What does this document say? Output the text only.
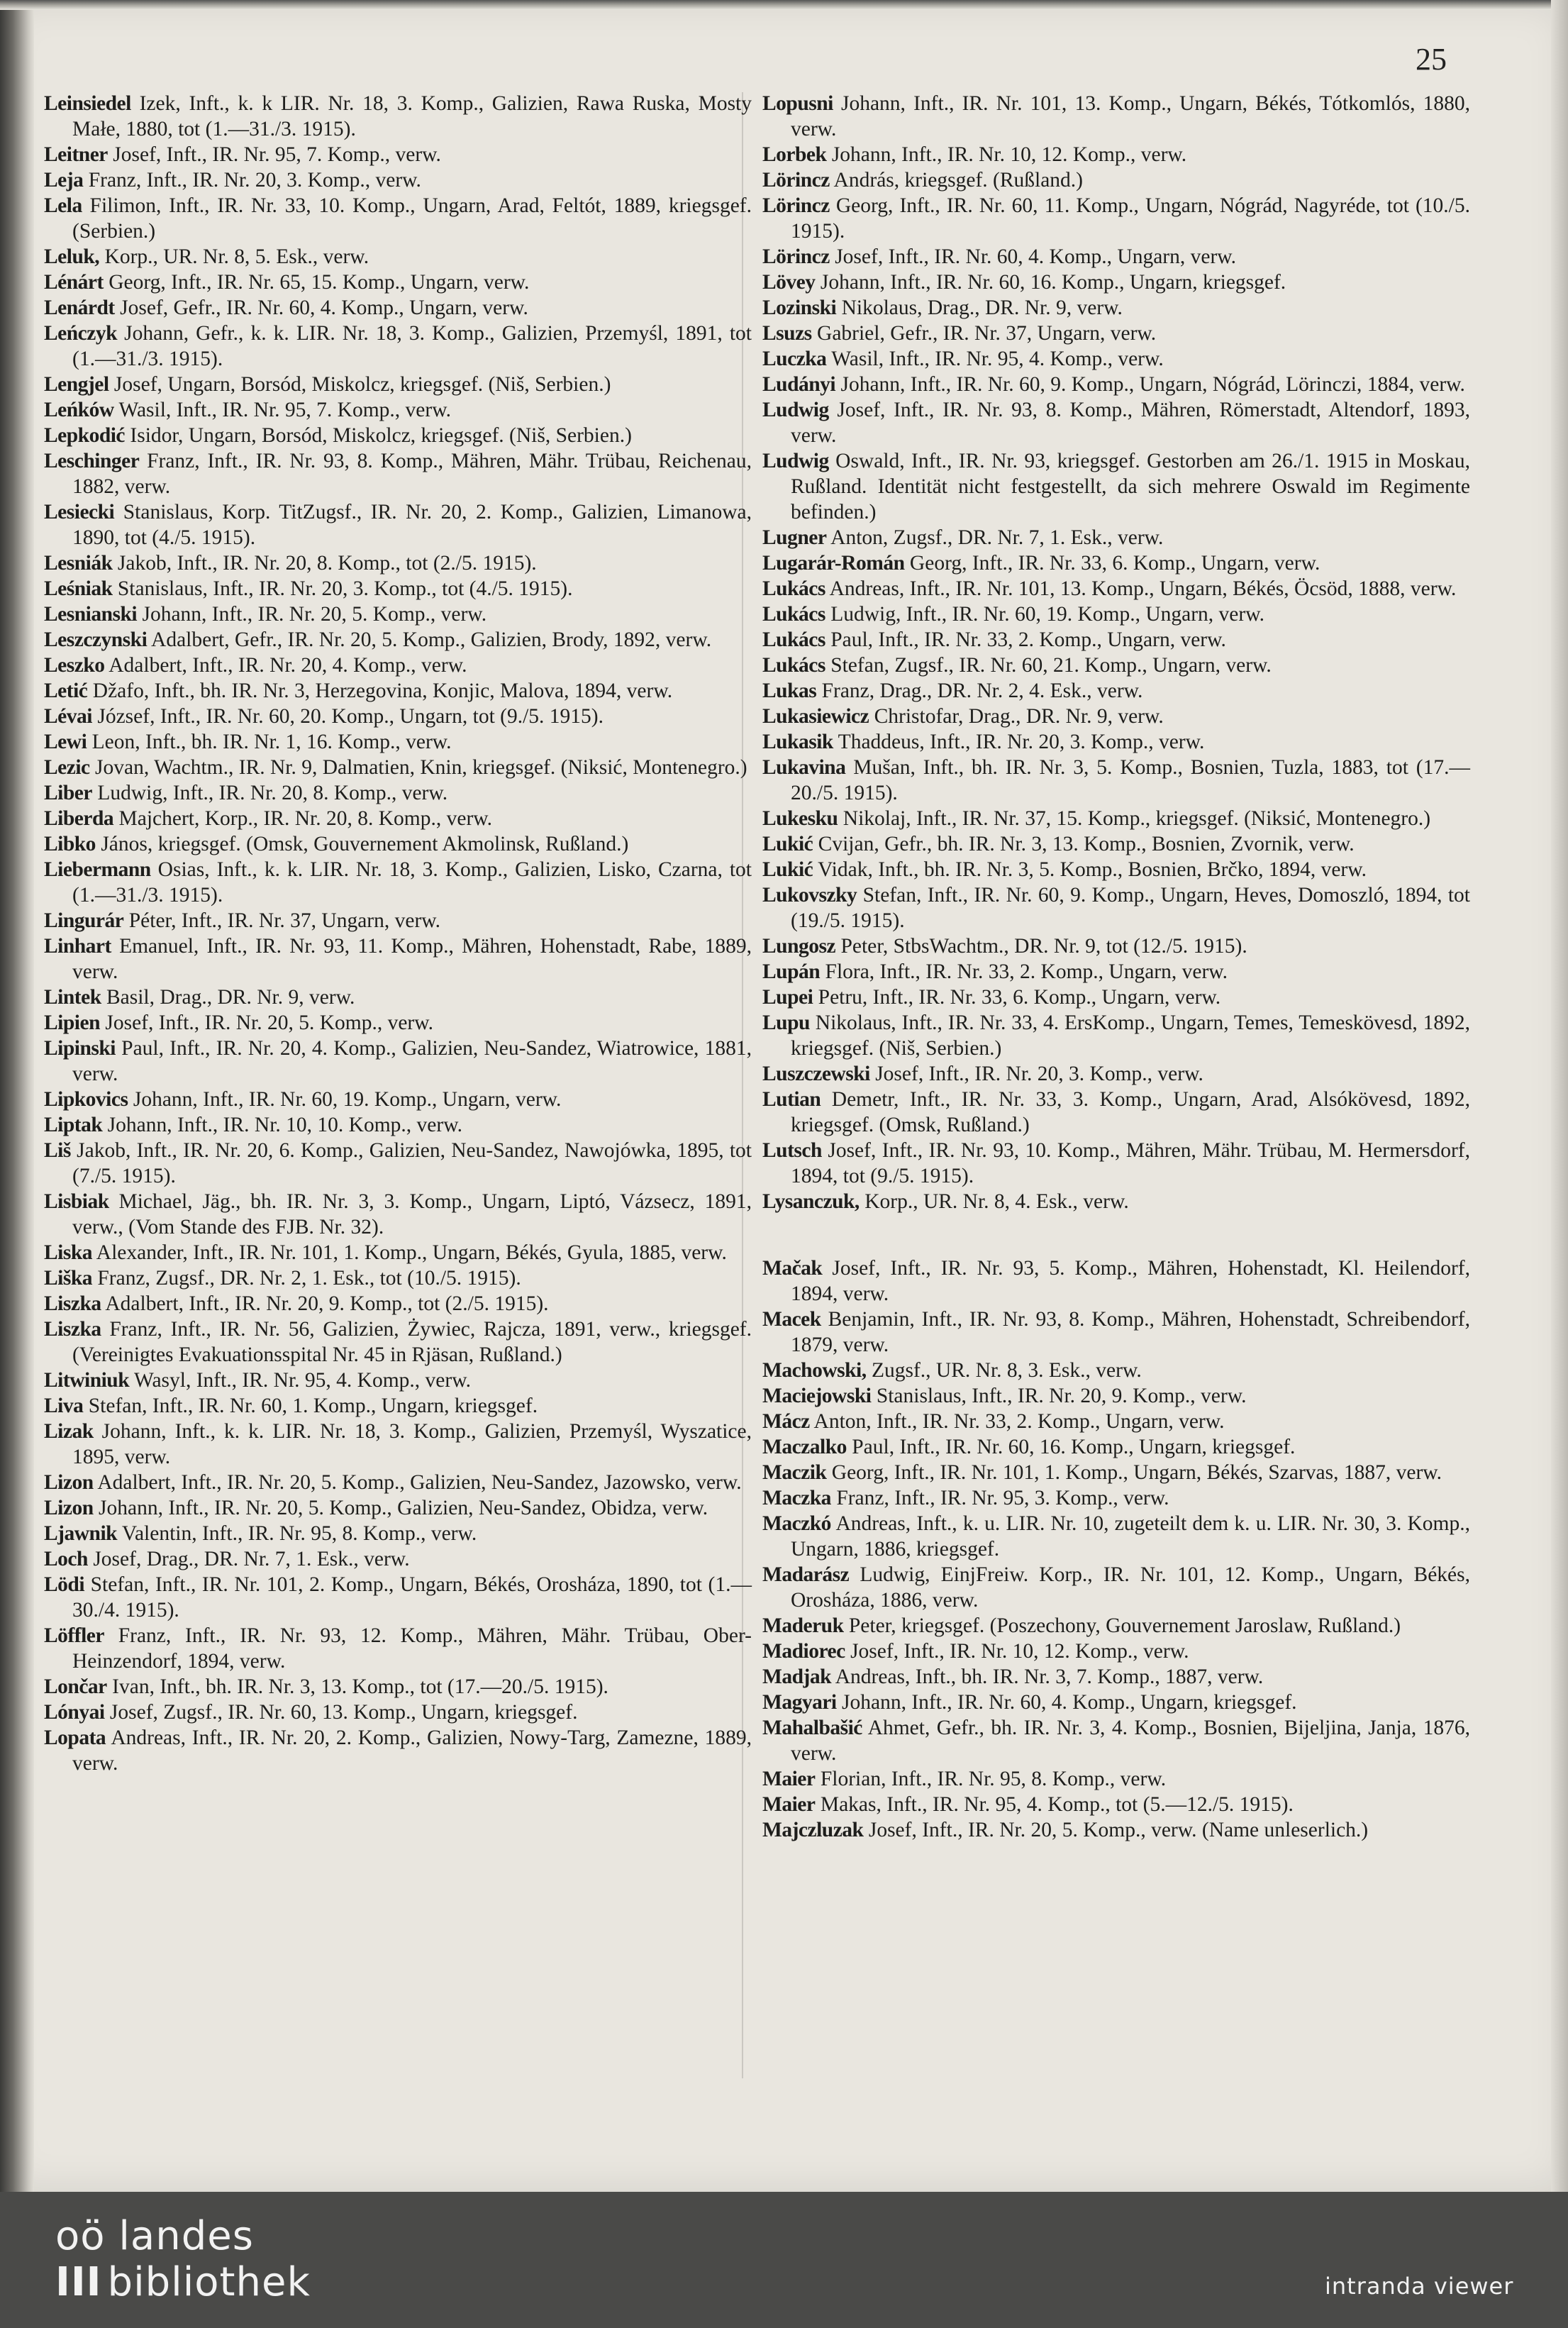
25

Leinsiedel Izek, Inft., k. k LIR. Nr. 18, 3. Komp., Galizien, Rawa Ruska, Mosty Małe, 1880, tot (1.—31./3. 1915).

Leitner Josef, Inft., IR. Nr. 95, 7. Komp., verw.

Leja Franz, Inft., IR. Nr. 20, 3. Komp., verw.

Lela Filimon, Inft., IR. Nr. 33, 10. Komp., Ungarn, Arad, Feltót, 1889, kriegsgef. (Serbien.)

Leluk, Korp., UR. Nr. 8, 5. Esk., verw.

Lénárt Georg, Inft., IR. Nr. 65, 15. Komp., Ungarn, verw.

Lenárdt Josef, Gefr., IR. Nr. 60, 4. Komp., Ungarn, verw.

Leńczyk Johann, Gefr., k. k. LIR. Nr. 18, 3. Komp., Galizien, Przemyśl, 1891, tot (1.—31./3. 1915).

Lengjel Josef, Ungarn, Borsód, Miskolcz, kriegsgef. (Niš, Serbien.)

Leńków Wasil, Inft., IR. Nr. 95, 7. Komp., verw.

Lepkodić Isidor, Ungarn, Borsód, Miskolcz, kriegsgef. (Niš, Serbien.)

Leschinger Franz, Inft., IR. Nr. 93, 8. Komp., Mähren, Mähr. Trübau, Reichenau, 1882, verw.

Lesiecki Stanislaus, Korp. TitZugsf., IR. Nr. 20, 2. Komp., Galizien, Limanowa, 1890, tot (4./5. 1915).

Lesniák Jakob, Inft., IR. Nr. 20, 8. Komp., tot (2./5. 1915).

Leśniak Stanislaus, Inft., IR. Nr. 20, 3. Komp., tot (4./5. 1915).

Lesnianski Johann, Inft., IR. Nr. 20, 5. Komp., verw.

Leszczynski Adalbert, Gefr., IR. Nr. 20, 5. Komp., Galizien, Brody, 1892, verw.

Leszko Adalbert, Inft., IR. Nr. 20, 4. Komp., verw.

Letić Džafo, Inft., bh. IR. Nr. 3, Herzegovina, Konjic, Malova, 1894, verw.

Lévai József, Inft., IR. Nr. 60, 20. Komp., Ungarn, tot (9./5. 1915).

Lewi Leon, Inft., bh. IR. Nr. 1, 16. Komp., verw.

Lezic Jovan, Wachtm., IR. Nr. 9, Dalmatien, Knin, kriegsgef. (Niksić, Montenegro.)

Liber Ludwig, Inft., IR. Nr. 20, 8. Komp., verw.

Liberda Majchert, Korp., IR. Nr. 20, 8. Komp., verw.

Libko János, kriegsgef. (Omsk, Gouvernement Akmolinsk, Rußland.)

Liebermann Osias, Inft., k. k. LIR. Nr. 18, 3. Komp., Galizien, Lisko, Czarna, tot (1.—31./3. 1915).

Lingurár Péter, Inft., IR. Nr. 37, Ungarn, verw.

Linhart Emanuel, Inft., IR. Nr. 93, 11. Komp., Mähren, Hohenstadt, Rabe, 1889, verw.

Lintek Basil, Drag., DR. Nr. 9, verw.

Lipien Josef, Inft., IR. Nr. 20, 5. Komp., verw.

Lipinski Paul, Inft., IR. Nr. 20, 4. Komp., Galizien, Neu-Sandez, Wiatrowice, 1881, verw.

Lipkovics Johann, Inft., IR. Nr. 60, 19. Komp., Ungarn, verw.

Liptak Johann, Inft., IR. Nr. 10, 10. Komp., verw.

Liš Jakob, Inft., IR. Nr. 20, 6. Komp., Galizien, Neu-Sandez, Nawojówka, 1895, tot (7./5. 1915).

Lisbiak Michael, Jäg., bh. IR. Nr. 3, 3. Komp., Ungarn, Liptó, Vázsecz, 1891, verw., (Vom Stande des FJB. Nr. 32).

Liska Alexander, Inft., IR. Nr. 101, 1. Komp., Ungarn, Békés, Gyula, 1885, verw.

Liška Franz, Zugsf., DR. Nr. 2, 1. Esk., tot (10./5. 1915).

Liszka Adalbert, Inft., IR. Nr. 20, 9. Komp., tot (2./5. 1915).

Liszka Franz, Inft., IR. Nr. 56, Galizien, Żywiec, Rajcza, 1891, verw., kriegsgef. (Vereinigtes Evakuationsspital Nr. 45 in Rjäsan, Rußland.)

Litwiniuk Wasyl, Inft., IR. Nr. 95, 4. Komp., verw.

Liva Stefan, Inft., IR. Nr. 60, 1. Komp., Ungarn, kriegsgef.

Lizak Johann, Inft., k. k. LIR. Nr. 18, 3. Komp., Galizien, Przemyśl, Wyszatice, 1895, verw.

Lizon Adalbert, Inft., IR. Nr. 20, 5. Komp., Galizien, Neu-Sandez, Jazowsko, verw.

Lizon Johann, Inft., IR. Nr. 20, 5. Komp., Galizien, Neu-Sandez, Obidza, verw.

Ljawnik Valentin, Inft., IR. Nr. 95, 8. Komp., verw.

Loch Josef, Drag., DR. Nr. 7, 1. Esk., verw.

Lödi Stefan, Inft., IR. Nr. 101, 2. Komp., Ungarn, Békés, Orosháza, 1890, tot (1.—30./4. 1915).

Löffler Franz, Inft., IR. Nr. 93, 12. Komp., Mähren, Mähr. Trübau, Ober-Heinzendorf, 1894, verw.

Lončar Ivan, Inft., bh. IR. Nr. 3, 13. Komp., tot (17.—20./5. 1915).

Lónyai Josef, Zugsf., IR. Nr. 60, 13. Komp., Ungarn, kriegsgef.

Lopata Andreas, Inft., IR. Nr. 20, 2. Komp., Galizien, Nowy-Targ, Zamezne, 1889, verw.

Lopusni Johann, Inft., IR. Nr. 101, 13. Komp., Ungarn, Békés, Tótkomlós, 1880, verw.

Lorbek Johann, Inft., IR. Nr. 10, 12. Komp., verw.

Lörincz András, kriegsgef. (Rußland.)

Lörincz Georg, Inft., IR. Nr. 60, 11. Komp., Ungarn, Nógrád, Nagyréde, tot (10./5. 1915).

Lörincz Josef, Inft., IR. Nr. 60, 4. Komp., Ungarn, verw.

Lövey Johann, Inft., IR. Nr. 60, 16. Komp., Ungarn, kriegsgef.

Lozinski Nikolaus, Drag., DR. Nr. 9, verw.

Lsuzs Gabriel, Gefr., IR. Nr. 37, Ungarn, verw.

Luczka Wasil, Inft., IR. Nr. 95, 4. Komp., verw.

Ludányi Johann, Inft., IR. Nr. 60, 9. Komp., Ungarn, Nógrád, Lörinczi, 1884, verw.

Ludwig Josef, Inft., IR. Nr. 93, 8. Komp., Mähren, Römerstadt, Altendorf, 1893, verw.

Ludwig Oswald, Inft., IR. Nr. 93, kriegsgef. Gestorben am 26./1. 1915 in Moskau, Rußland. Identität nicht festgestellt, da sich mehrere Oswald im Regimente befinden.)

Lugner Anton, Zugsf., DR. Nr. 7, 1. Esk., verw.

Lugarár-Román Georg, Inft., IR. Nr. 33, 6. Komp., Ungarn, verw.

Lukács Andreas, Inft., IR. Nr. 101, 13. Komp., Ungarn, Békés, Öcsöd, 1888, verw.

Lukács Ludwig, Inft., IR. Nr. 60, 19. Komp., Ungarn, verw.

Lukács Paul, Inft., IR. Nr. 33, 2. Komp., Ungarn, verw.

Lukács Stefan, Zugsf., IR. Nr. 60, 21. Komp., Ungarn, verw.

Lukas Franz, Drag., DR. Nr. 2, 4. Esk., verw.

Lukasiewicz Christofar, Drag., DR. Nr. 9, verw.

Lukasik Thaddeus, Inft., IR. Nr. 20, 3. Komp., verw.

Lukavina Mušan, Inft., bh. IR. Nr. 3, 5. Komp., Bosnien, Tuzla, 1883, tot (17.—20./5. 1915).

Lukesku Nikolaj, Inft., IR. Nr. 37, 15. Komp., kriegsgef. (Niksić, Montenegro.)

Lukić Cvijan, Gefr., bh. IR. Nr. 3, 13. Komp., Bosnien, Zvornik, verw.

Lukić Vidak, Inft., bh. IR. Nr. 3, 5. Komp., Bosnien, Brčko, 1894, verw.

Lukovszky Stefan, Inft., IR. Nr. 60, 9. Komp., Ungarn, Heves, Domoszló, 1894, tot (19./5. 1915).

Lungosz Peter, StbsWachtm., DR. Nr. 9, tot (12./5. 1915).

Lupán Flora, Inft., IR. Nr. 33, 2. Komp., Ungarn, verw.

Lupei Petru, Inft., IR. Nr. 33, 6. Komp., Ungarn, verw.

Lupu Nikolaus, Inft., IR. Nr. 33, 4. ErsKomp., Ungarn, Temes, Temeskövesd, 1892, kriegsgef. (Niš, Serbien.)

Luszczewski Josef, Inft., IR. Nr. 20, 3. Komp., verw.

Lutian Demetr, Inft., IR. Nr. 33, 3. Komp., Ungarn, Arad, Alsókövesd, 1892, kriegsgef. (Omsk, Rußland.)

Lutsch Josef, Inft., IR. Nr. 93, 10. Komp., Mähren, Mähr. Trübau, M. Hermersdorf, 1894, tot (9./5. 1915).

Lysanczuk, Korp., UR. Nr. 8, 4. Esk., verw.

Mačak Josef, Inft., IR. Nr. 93, 5. Komp., Mähren, Hohenstadt, Kl. Heilendorf, 1894, verw.

Macek Benjamin, Inft., IR. Nr. 93, 8. Komp., Mähren, Hohenstadt, Schreibendorf, 1879, verw.

Machowski, Zugsf., UR. Nr. 8, 3. Esk., verw.

Maciejowski Stanislaus, Inft., IR. Nr. 20, 9. Komp., verw.

Mácz Anton, Inft., IR. Nr. 33, 2. Komp., Ungarn, verw.

Maczalko Paul, Inft., IR. Nr. 60, 16. Komp., Ungarn, kriegsgef.

Maczik Georg, Inft., IR. Nr. 101, 1. Komp., Ungarn, Békés, Szarvas, 1887, verw.

Maczka Franz, Inft., IR. Nr. 95, 3. Komp., verw.

Maczkó Andreas, Inft., k. u. LIR. Nr. 10, zugeteilt dem k. u. LIR. Nr. 30, 3. Komp., Ungarn, 1886, kriegsgef.

Madarász Ludwig, EinjFreiw. Korp., IR. Nr. 101, 12. Komp., Ungarn, Békés, Orosháza, 1886, verw.

Maderuk Peter, kriegsgef. (Poszechony, Gouvernement Jaroslaw, Rußland.)

Madiorec Josef, Inft., IR. Nr. 10, 12. Komp., verw.

Madjak Andreas, Inft., bh. IR. Nr. 3, 7. Komp., 1887, verw.

Magyari Johann, Inft., IR. Nr. 60, 4. Komp., Ungarn, kriegsgef.

Mahalbašić Ahmet, Gefr., bh. IR. Nr. 3, 4. Komp., Bosnien, Bijeljina, Janja, 1876, verw.

Maier Florian, Inft., IR. Nr. 95, 8. Komp., verw.

Maier Makas, Inft., IR. Nr. 95, 4. Komp., tot (5.—12./5. 1915).

Majczluzak Josef, Inft., IR. Nr. 20, 5. Komp., verw. (Name unleserlich.)

oö landes
III bibliothek	intranda viewer
